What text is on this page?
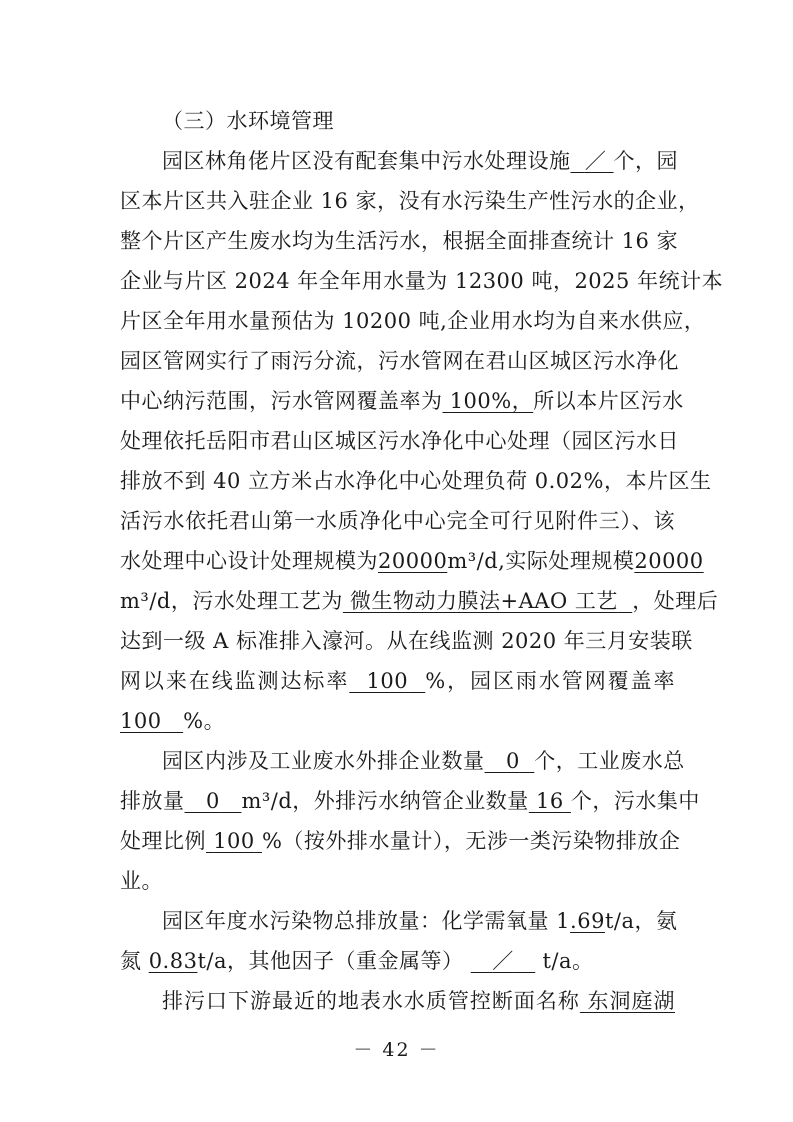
（三）水环境管理
园区林角佬片区没有配套集中污水处理设施 ／ 个，园
区本片区共入驻企业 16 家，没有水污染生产性污水的企业，
整个片区产生废水均为生活污水，根据全面排查统计 16 家
企业与片区 2024 年全年用水量为 12300 吨，2025 年统计本
片区全年用水量预估为 10200 吨,企业用水均为自来水供应，
园区管网实行了雨污分流，污水管网在君山区城区污水净化
中心纳污范围，污水管网覆盖率为 100%，所以本片区污水
处理依托岳阳市君山区城区污水净化中心处理（园区污水日
排放不到 40 立方米占水净化中心处理负荷 0.02%，本片区生
活污水依托君山第一水质净化中心完全可行见附件三）、该
水处理中心设计处理规模为20000m³/d,实际处理规模20000
m³/d，污水处理工艺为 微生物动力膜法+AAO 工艺 ，处理后
达到一级 A 标准排入濠河。从在线监测 2020 年三月安装联
网以来在线监测达标率 100 %，园区雨水管网覆盖率
100 %。
园区内涉及工业废水外排企业数量 0 个，工业废水总
排放量 0 m³/d，外排污水纳管企业数量 16 个，污水集中
处理比例 100 %（按外排水量计），无涉一类污染物排放企
业。
园区年度水污染物总排放量：化学需氧量 1.69t/a，氨
氮 0.83t/a，其他因子（重金属等） ／ t/a。
排污口下游最近的地表水水质管控断面名称 东洞庭湖
－ 42 －
